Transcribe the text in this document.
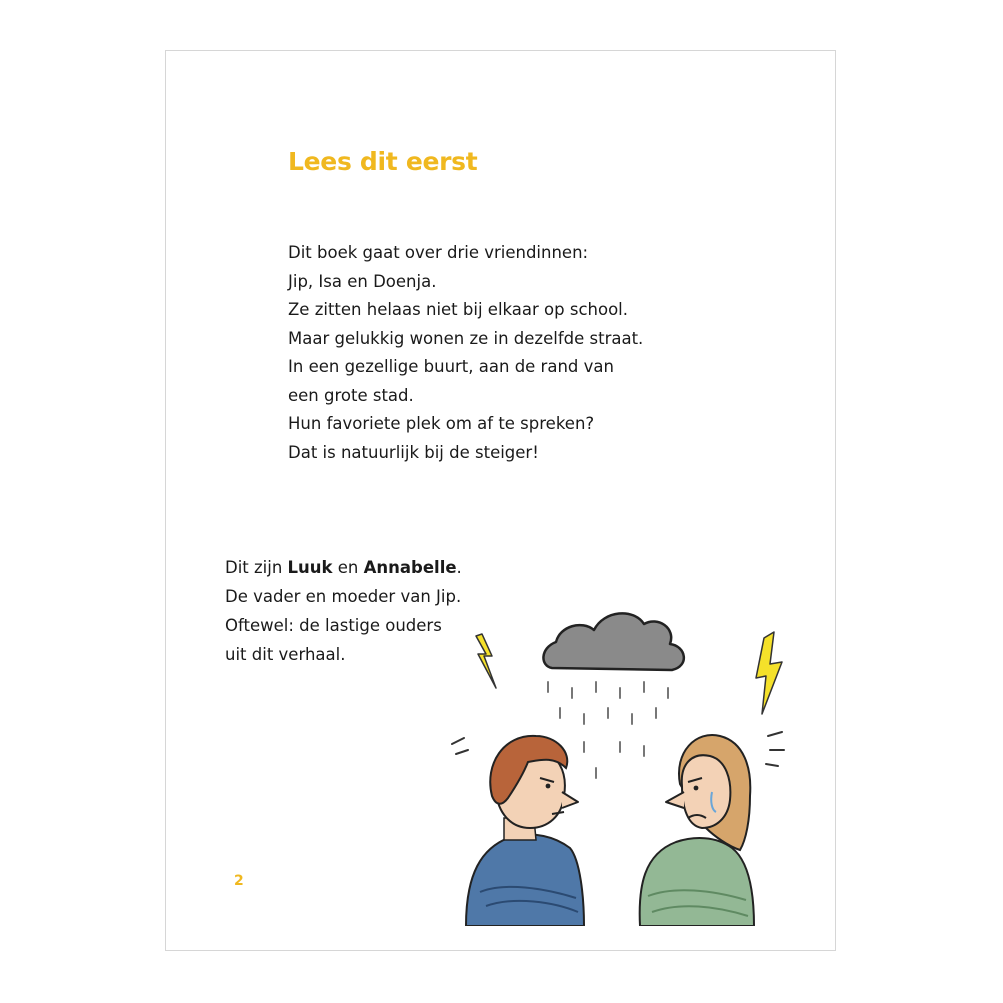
Lees dit eerst
Dit boek gaat over drie vriendinnen:
Jip, Isa en Doenja.
Ze zitten helaas niet bij elkaar op school.
Maar gelukkig wonen ze in dezelfde straat.
In een gezellige buurt, aan de rand van
een grote stad.
Hun favoriete plek om af te spreken?
Dat is natuurlijk bij de steiger!
Dit zijn Luuk en Annabelle.
De vader en moeder van Jip.
Oftewel: de lastige ouders
uit dit verhaal.
2
